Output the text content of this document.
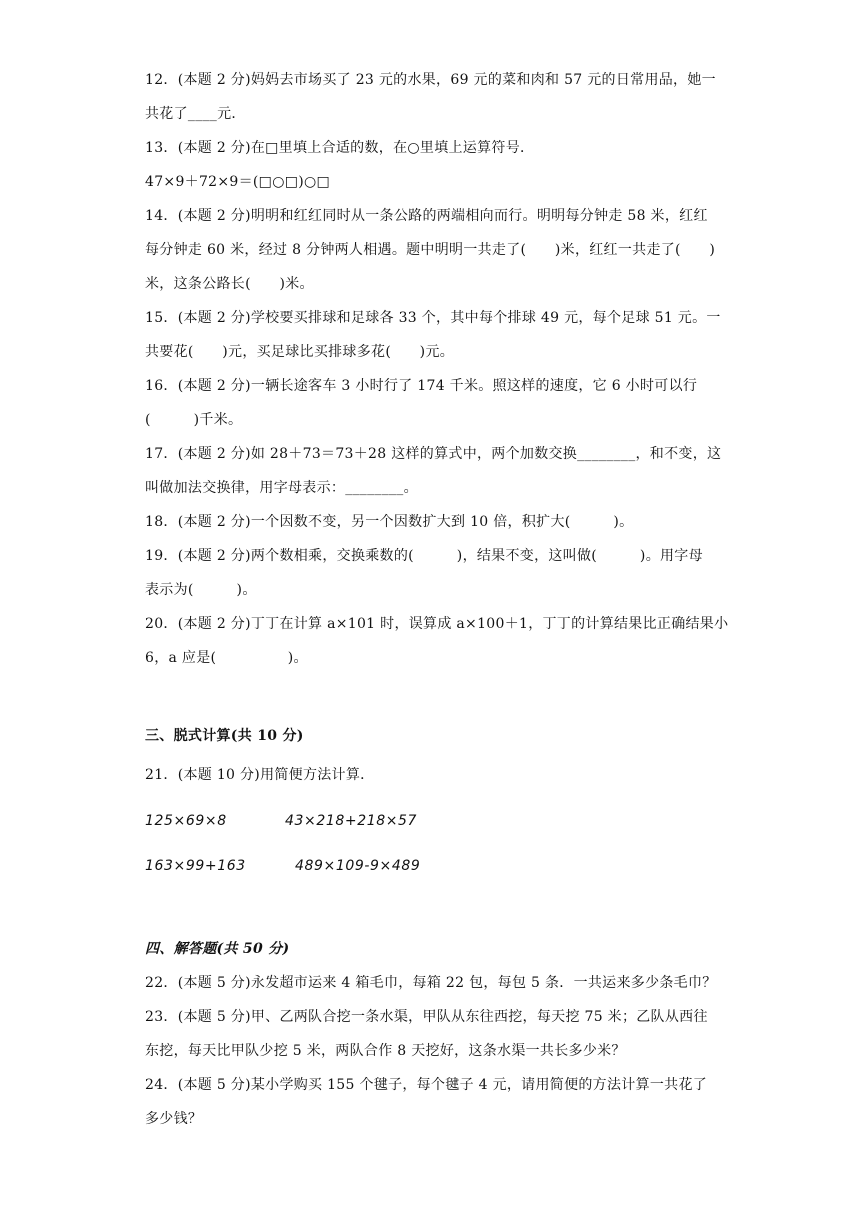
12．(本题 2 分)妈妈去市场买了 23 元的水果，69 元的菜和肉和 57 元的日常用品，她一
共花了____元．
13．(本题 2 分)在□里填上合适的数，在○里填上运算符号．
47×9＋72×9＝(□○□)○□
14．(本题 2 分)明明和红红同时从一条公路的两端相向而行。明明每分钟走 58 米，红红
每分钟走 60 米，经过 8 分钟两人相遇。题中明明一共走了(　　)米，红红一共走了(　　)
米，这条公路长(　　)米。
15．(本题 2 分)学校要买排球和足球各 33 个，其中每个排球 49 元，每个足球 51 元。一
共要花(　　)元，买足球比买排球多花(　　)元。
16．(本题 2 分)一辆长途客车 3 小时行了 174 千米。照这样的速度，它 6 小时可以行
(　　　)千米。
17．(本题 2 分)如 28＋73＝73＋28 这样的算式中，两个加数交换________，和不变，这
叫做加法交换律，用字母表示：________。
18．(本题 2 分)一个因数不变，另一个因数扩大到 10 倍，积扩大(　　　)。
19．(本题 2 分)两个数相乘，交换乘数的(　　　)，结果不变，这叫做(　　　)。用字母
表示为(　　　)。
20．(本题 2 分)丁丁在计算 a×101 时，误算成 a×100＋1，丁丁的计算结果比正确结果小
6，a 应是(　　　　　)。
三、脱式计算(共 10 分)
21．(本题 10 分)用简便方法计算．
125×69×8	43×218+218×57
163×99+163	489×109-9×489
四、解答题(共 50 分)
22．(本题 5 分)永发超市运来 4 箱毛巾，每箱 22 包，每包 5 条．一共运来多少条毛巾？
23．(本题 5 分)甲、乙两队合挖一条水渠，甲队从东往西挖，每天挖 75 米；乙队从西往
东挖，每天比甲队少挖 5 米，两队合作 8 天挖好，这条水渠一共长多少米？
24．(本题 5 分)某小学购买 155 个毽子，每个毽子 4 元，请用简便的方法计算一共花了
多少钱？
